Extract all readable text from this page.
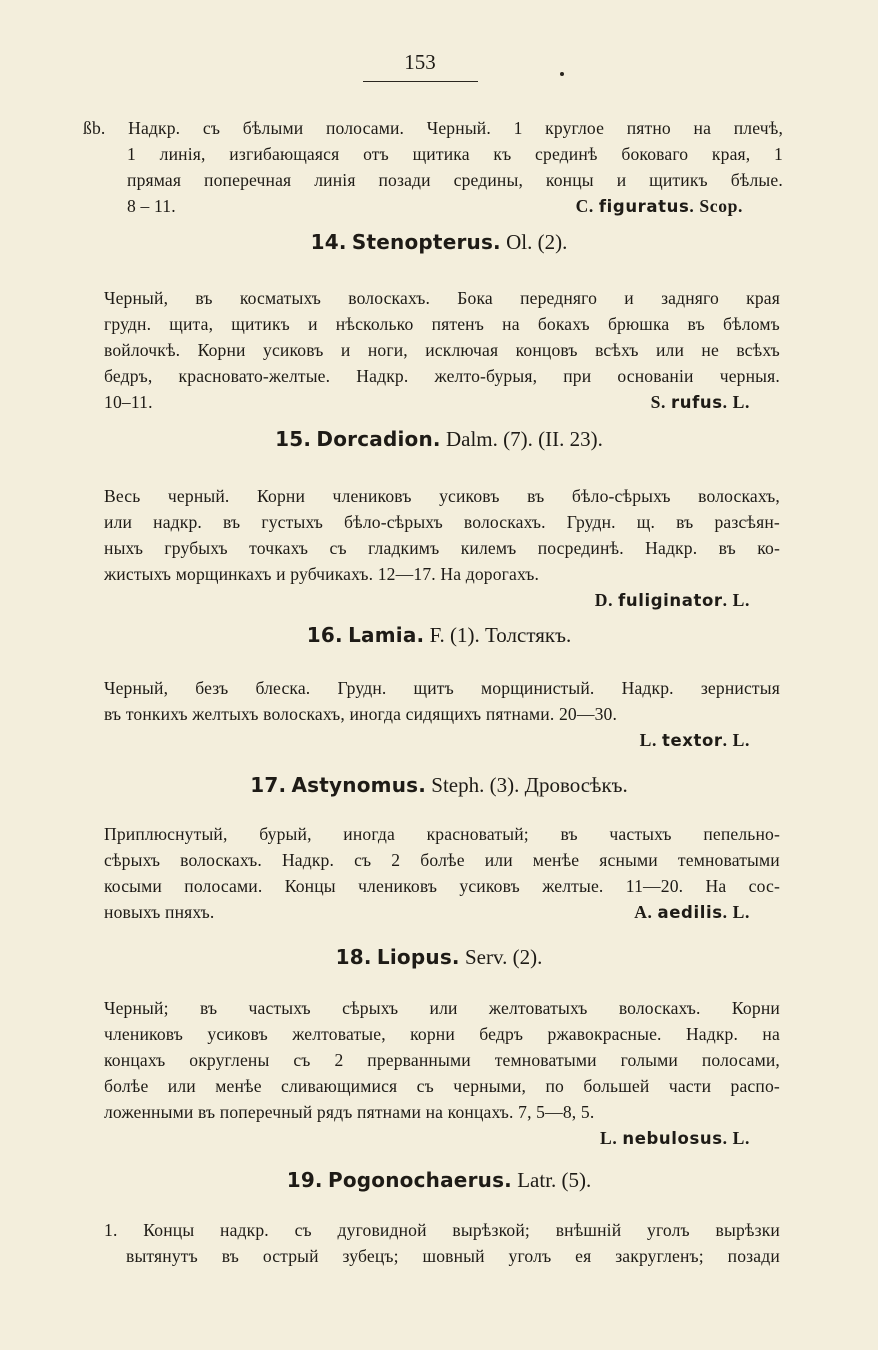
153
ßb. Надкр. съ бѣлыми полосами. Черный. 1 круглое пятно на плечѣ,
1 линія, изгибающаяся отъ щитика къ срединѣ боковаго края, 1
прямая поперечная линія позади средины, концы и щитикъ бѣлые.
8 – 11.	C. figuratus. Scop.
14. Stenopterus. Ol. (2).
Черный, въ косматыхъ волоскахъ. Бока передняго и задняго края
грудн. щита, щитикъ и нѣсколько пятенъ на бокахъ брюшка въ бѣломъ
войлочкѣ. Корни усиковъ и ноги, исключая концовъ всѣхъ или не всѣхъ
бедръ, красновато-желтые. Надкр. желто-бурыя, при основаніи черныя.
10–11.	S. rufus. L.
15. Dorcadion. Dalm. (7). (II. 23).
Весь черный. Корни члениковъ усиковъ въ бѣло-сѣрыхъ волоскахъ,
или надкр. въ густыхъ бѣло-сѣрыхъ волоскахъ. Грудн. щ. въ разсѣян-
ныхъ грубыхъ точкахъ съ гладкимъ килемъ посрединѣ. Надкр. въ ко-
жистыхъ морщинкахъ и рубчикахъ. 12—17. На дорогахъ.
D. fuliginator. L.
16. Lamia. F. (1). Толстякъ.
Черный, безъ блеска. Грудн. щитъ морщинистый. Надкр. зернистыя
въ тонкихъ желтыхъ волоскахъ, иногда сидящихъ пятнами. 20—30.
L. textor. L.
17. Astynomus. Steph. (3). Дровосѣкъ.
Приплюснутый, бурый, иногда красноватый; въ частыхъ пепельно-
сѣрыхъ волоскахъ. Надкр. съ 2 болѣе или менѣе ясными темноватыми
косыми полосами. Концы члениковъ усиковъ желтые. 11—20. На сос-
новыхъ пняхъ.	A. aedilis. L.
18. Liopus. Serv. (2).
Черный; въ частыхъ сѣрыхъ или желтоватыхъ волоскахъ. Корни
члениковъ усиковъ желтоватые, корни бедръ ржавокрасные. Надкр. на
концахъ округлены съ 2 прерванными темноватыми голыми полосами,
болѣе или менѣе сливающимися съ черными, по большей части распо-
ложенными въ поперечный рядъ пятнами на концахъ. 7, 5—8, 5.
L. nebulosus. L.
19. Pogonochaerus. Latr. (5).
1. Концы надкр. съ дуговидной вырѣзкой; внѣшній уголъ вырѣзки
вытянутъ въ острый зубецъ; шовный уголъ ея закругленъ; позади
